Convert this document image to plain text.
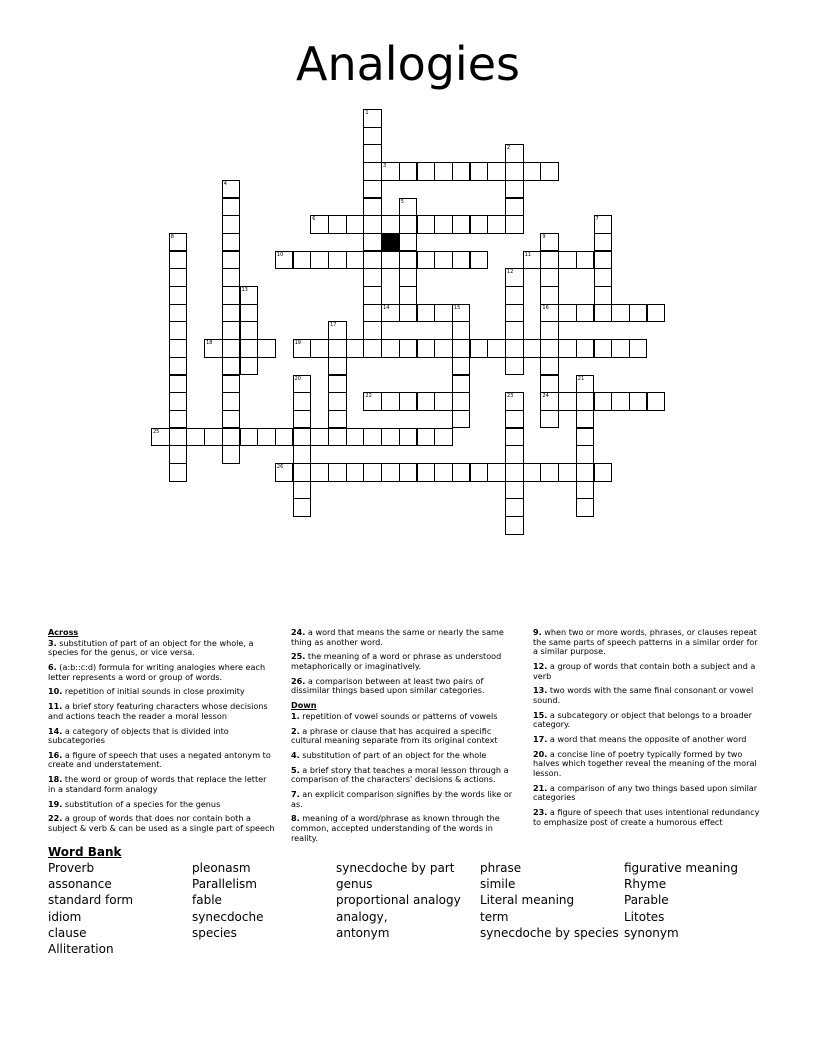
Analogies
1
2
3
4
5
6	7
8	9
16
24
10	11
12
13
14	15
17
18	19
20	21
22	23
25
26
Across
3. substitution of part of an object for the whole, a species for the genus, or vice versa.
6. (a:b::c:d) formula for writing analogies where each letter represents a word or group of words.
10. repetition of initial sounds in close proximity
11. a brief story featuring characters whose decisions and actions teach the reader a moral lesson
14. a category of objects that is divided into subcategories
16. a figure of speech that uses a negated antonym to create and understatement.
18. the word or group of words that replace the letter in a standard form analogy
19. substitution of a species for the genus
22. a group of words that does nor contain both a subject & verb & can be used as a single part of speech
24. a word that means the same or nearly the same thing as another word.
25. the meaning of a word or phrase as understood metaphorically or imaginatively.
26. a comparison between at least two pairs of dissimilar things based upon similar categories.
Down
1. repetition of vowel sounds or patterns of vowels
2. a phrase or clause that has acquired a specific cultural meaning separate from its original context
4. substitution of part of an object for the whole
5. a brief story that teaches a moral lesson through a comparison of the characters' decisions & actions.
7. an explicit comparison signifies by the words like or as.
8. meaning of a word/phrase as known through the common, accepted understanding of the words in reality.
9. when two or more words, phrases, or clauses repeat the same parts of speech patterns in a similar order for a similar purpose.
12. a group of words that contain both a subject and a verb
13. two words with the same final consonant or vowel sound.
15. a subcategory or object that belongs to a broader category.
17. a word that means the opposite of another word
20. a concise line of poetry typically formed by two halves which together reveal the meaning of the moral lesson.
21. a comparison of any two things based upon similar categories
23. a figure of speech that uses intentional redundancy to emphasize post of create a humorous effect
Word Bank
Proverb
assonance
standard form
idiom
clause
Alliteration
pleonasm
Parallelism
fable
synecdoche
species
synecdoche by part
genus
proportional analogy
analogy,
antonym
phrase
simile
Literal meaning
term
synecdoche by species
figurative meaning
Rhyme
Parable
Litotes
synonym
